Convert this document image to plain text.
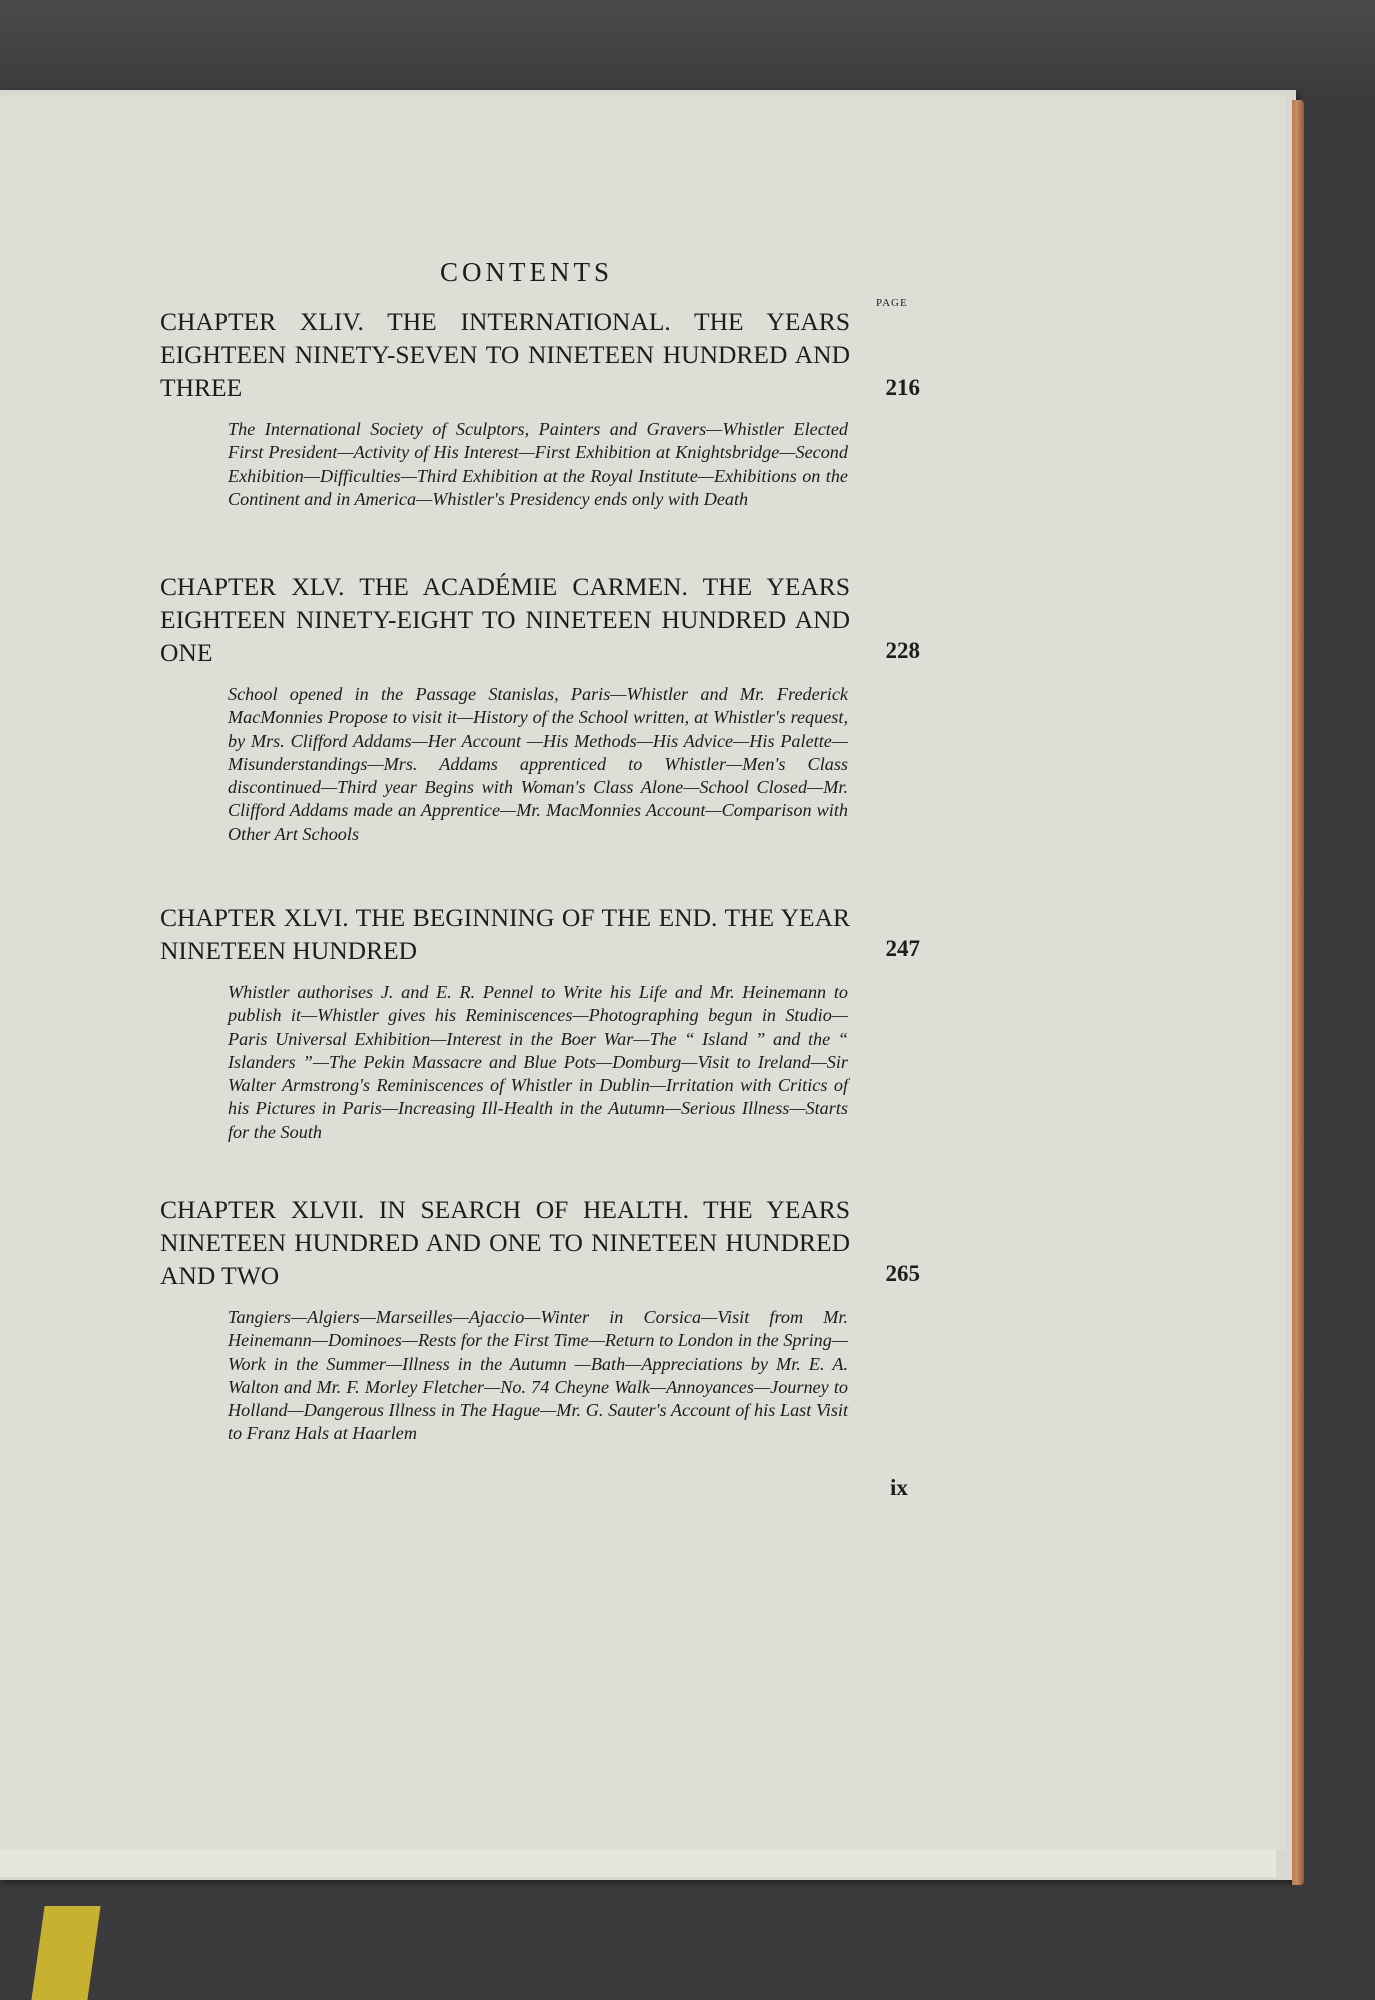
CONTENTS
PAGE
CHAPTER XLIV. THE INTERNATIONAL. THE YEARS EIGHTEEN NINETY-SEVEN TO NINETEEN HUNDRED AND THREE	216
The International Society of Sculptors, Painters and Gravers—Whistler Elected First President—Activity of His Interest—First Exhibition at Knightsbridge—Second Exhibition—Difficulties—Third Exhibition at the Royal Institute—Exhibitions on the Continent and in America—Whistler's Presidency ends only with Death
CHAPTER XLV. THE ACADÉMIE CARMEN. THE YEARS EIGHTEEN NINETY-EIGHT TO NINETEEN HUNDRED AND ONE	228
School opened in the Passage Stanislas, Paris—Whistler and Mr. Frederick MacMonnies Propose to visit it—History of the School written, at Whistler's request, by Mrs. Clifford Addams—Her Account —His Methods—His Advice—His Palette—Misunderstandings—Mrs. Addams apprenticed to Whistler—Men's Class discontinued—Third year Begins with Woman's Class Alone—School Closed—Mr. Clifford Addams made an Apprentice—Mr. MacMonnies Account—Comparison with Other Art Schools
CHAPTER XLVI. THE BEGINNING OF THE END. THE YEAR NINETEEN HUNDRED	247
Whistler authorises J. and E. R. Pennel to Write his Life and Mr. Heinemann to publish it—Whistler gives his Reminiscences—Photographing begun in Studio—Paris Universal Exhibition—Interest in the Boer War—The “ Island ” and the “ Islanders ”—The Pekin Massacre and Blue Pots—Domburg—Visit to Ireland—Sir Walter Armstrong's Reminiscences of Whistler in Dublin—Irritation with Critics of his Pictures in Paris—Increasing Ill-Health in the Autumn—Serious Illness—Starts for the South
CHAPTER XLVII. IN SEARCH OF HEALTH. THE YEARS NINETEEN HUNDRED AND ONE TO NINETEEN HUNDRED AND TWO	265
Tangiers—Algiers—Marseilles—Ajaccio—Winter in Corsica—Visit from Mr. Heinemann—Dominoes—Rests for the First Time—Return to London in the Spring—Work in the Summer—Illness in the Autumn —Bath—Appreciations by Mr. E. A. Walton and Mr. F. Morley Fletcher—No. 74 Cheyne Walk—Annoyances—Journey to Holland—Dangerous Illness in The Hague—Mr. G. Sauter's Account of his Last Visit to Franz Hals at Haarlem
ix
